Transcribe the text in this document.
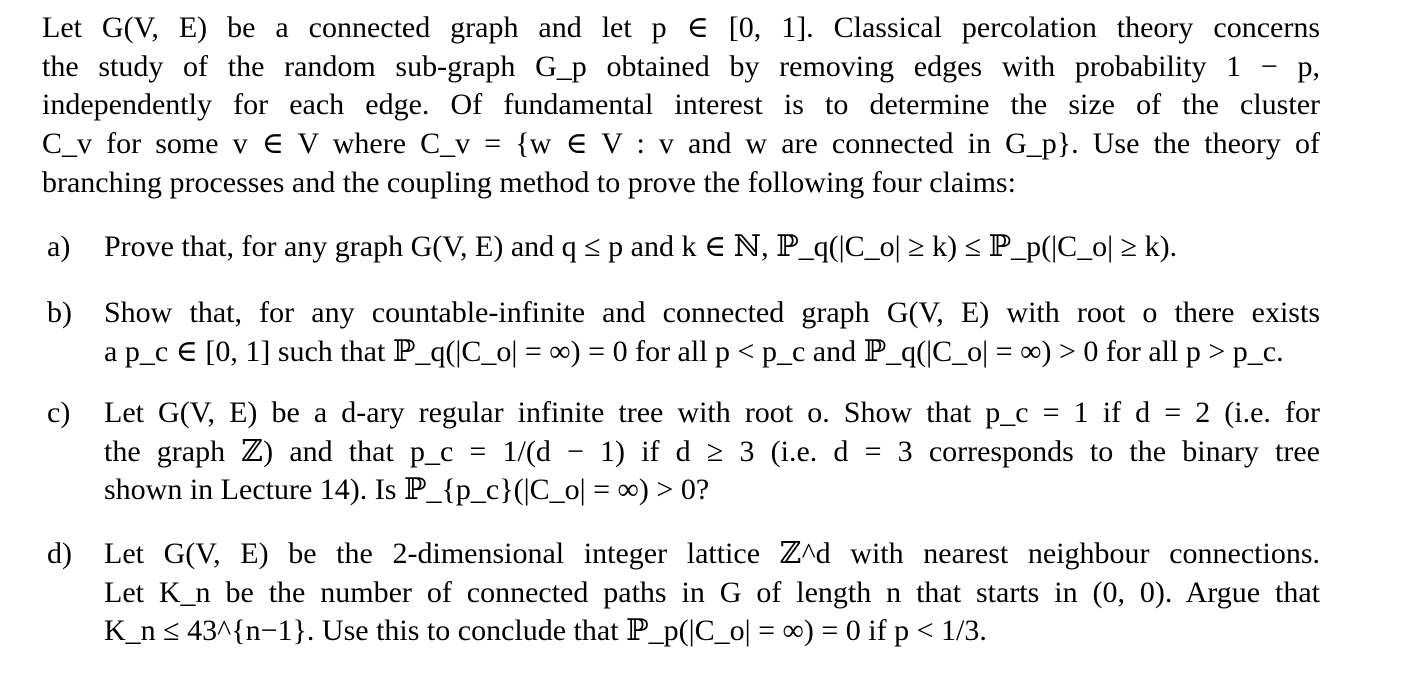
Let G(V, E) be a connected graph and let p ∈ [0, 1]. Classical percolation theory concerns
the study of the random sub-graph G_p obtained by removing edges with probability 1 − p,
independently for each edge. Of fundamental interest is to determine the size of the cluster
C_v for some v ∈ V where C_v = {w ∈ V : v and w are connected in G_p}. Use the theory of
branching processes and the coupling method to prove the following four claims:
a) Prove that, for any graph G(V, E) and q ≤ p and k ∈ ℕ, ℙ_q(|C_o| ≥ k) ≤ ℙ_p(|C_o| ≥ k).
b) Show that, for any countable-infinite and connected graph G(V, E) with root o there exists
a p_c ∈ [0, 1] such that ℙ_q(|C_o| = ∞) = 0 for all p < p_c and ℙ_q(|C_o| = ∞) > 0 for all p > p_c.
c) Let G(V, E) be a d-ary regular infinite tree with root o. Show that p_c = 1 if d = 2 (i.e. for
the graph ℤ) and that p_c = 1/(d − 1) if d ≥ 3 (i.e. d = 3 corresponds to the binary tree
shown in Lecture 14). Is ℙ_{p_c}(|C_o| = ∞) > 0?
d) Let G(V, E) be the 2-dimensional integer lattice ℤ^d with nearest neighbour connections.
Let K_n be the number of connected paths in G of length n that starts in (0, 0). Argue that
K_n ≤ 43^{n−1}. Use this to conclude that ℙ_p(|C_o| = ∞) = 0 if p < 1/3.
